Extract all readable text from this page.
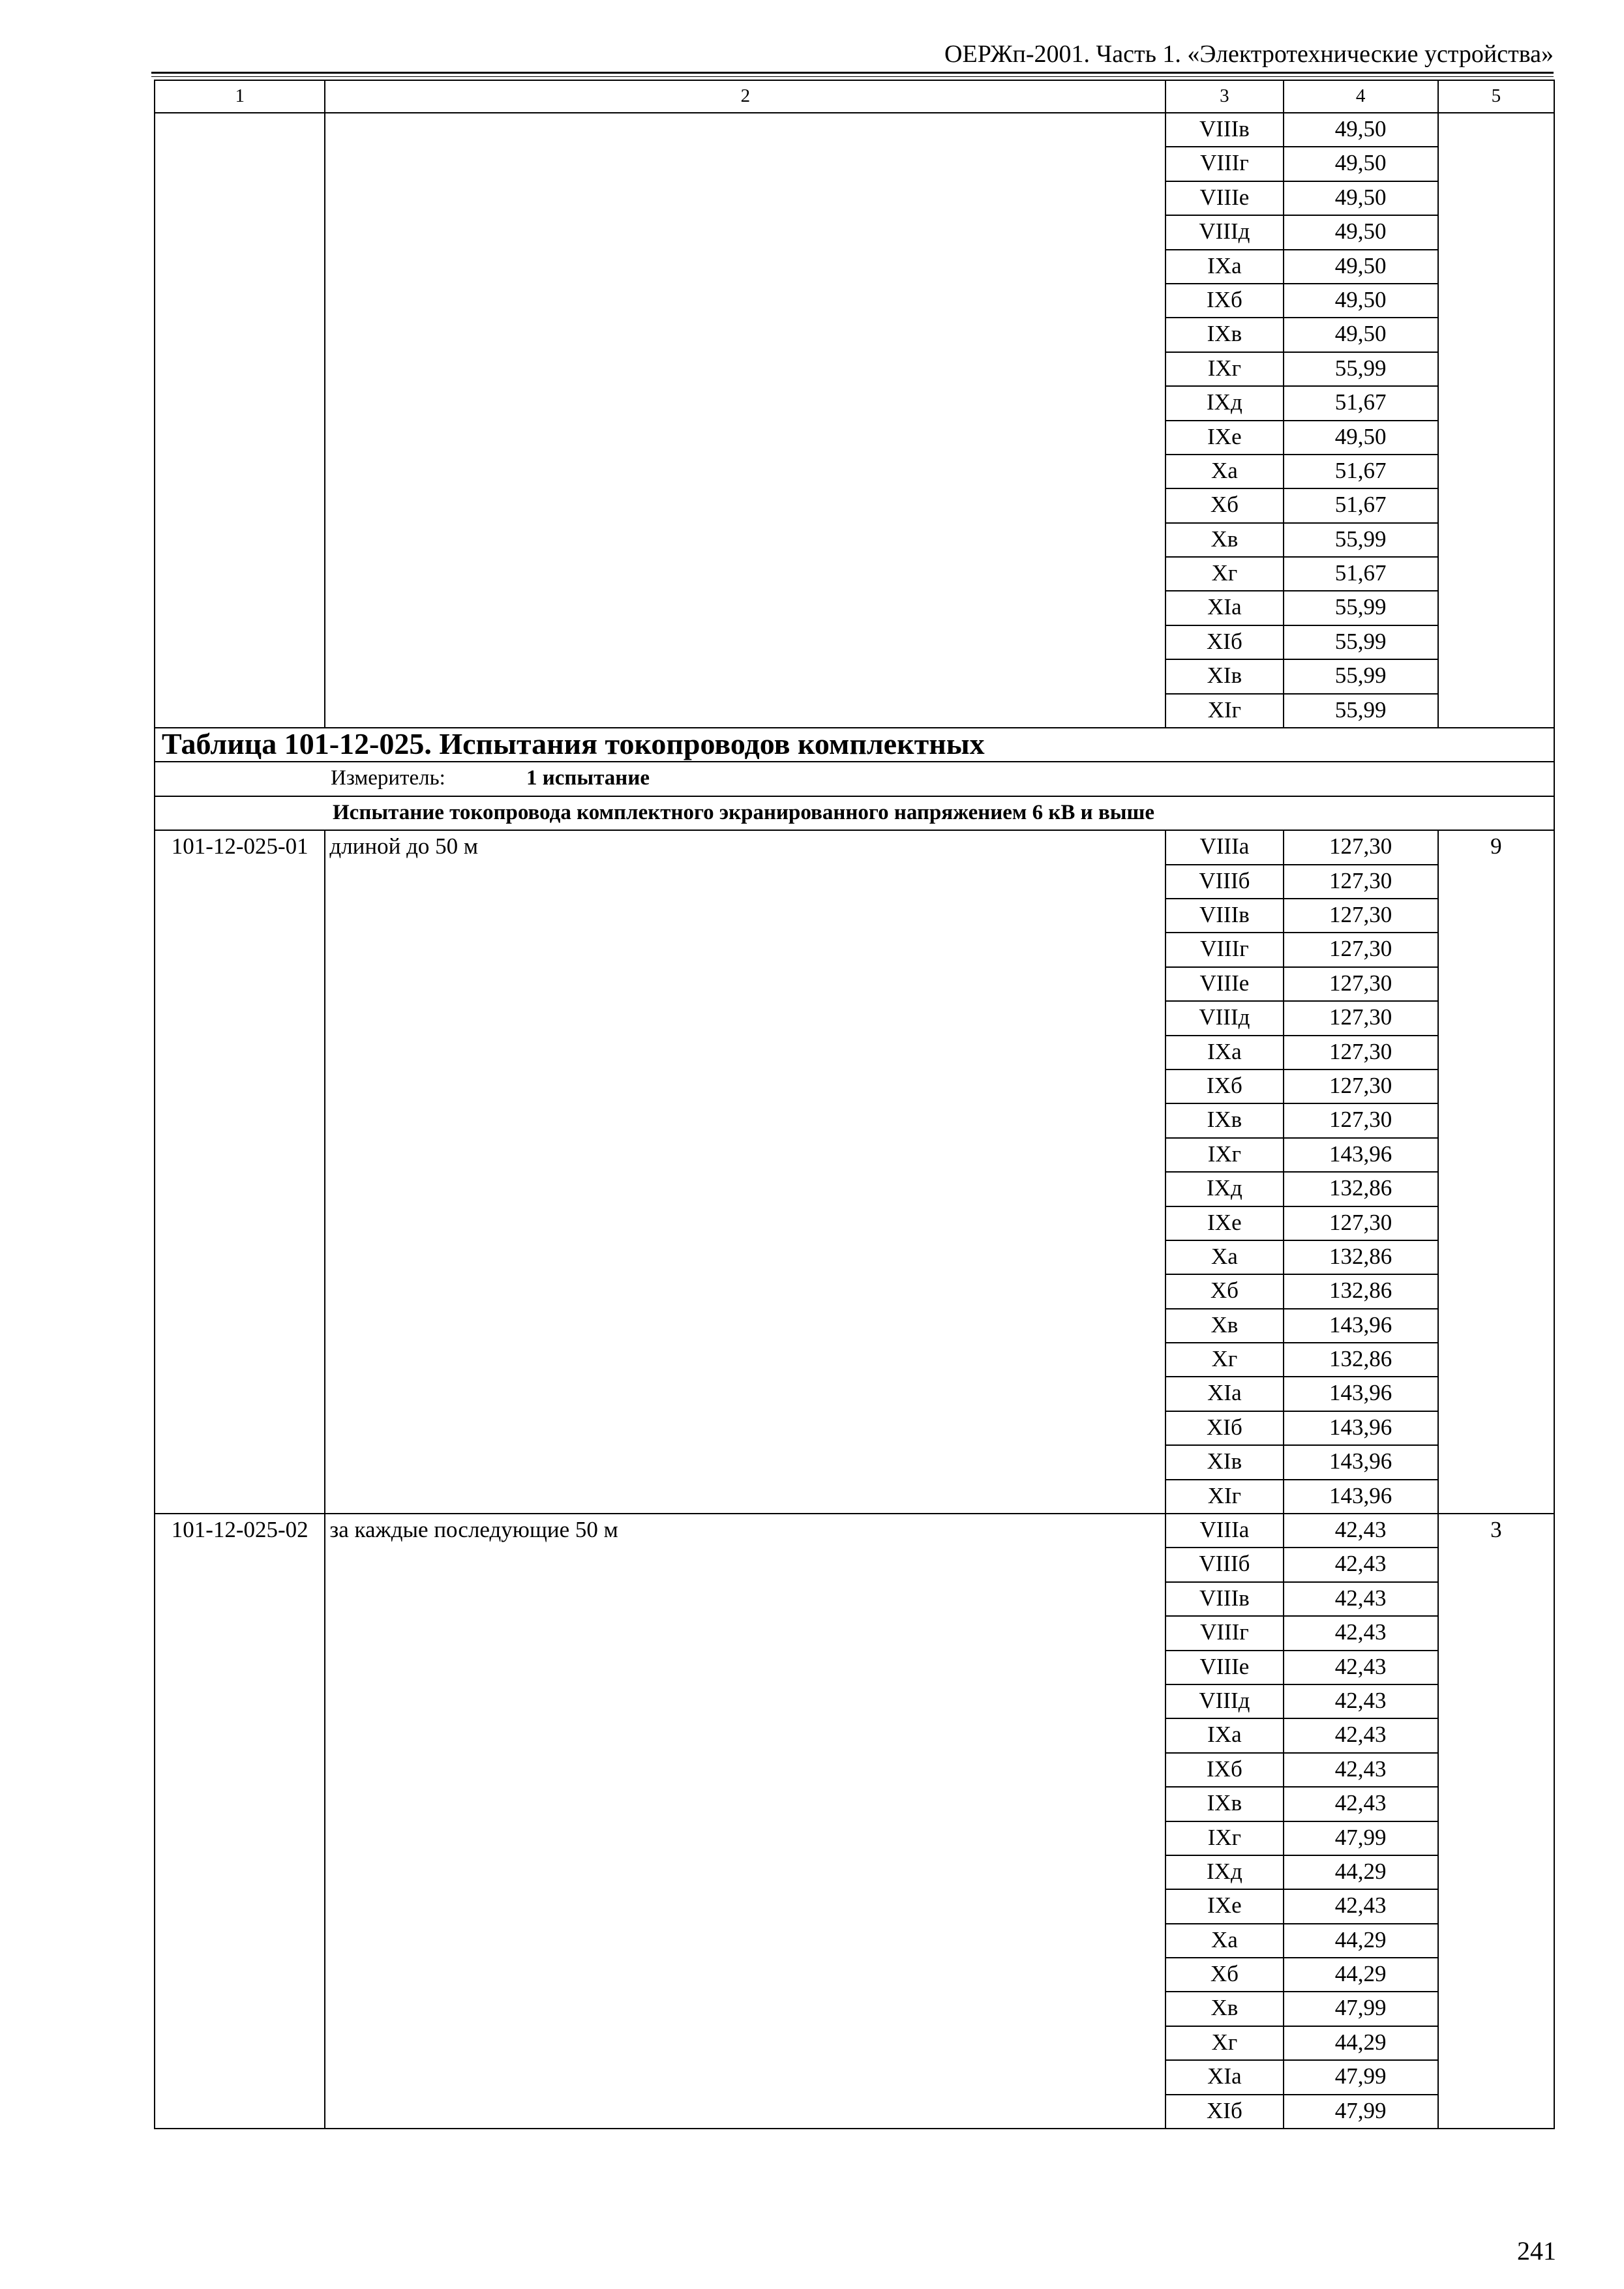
ОЕРЖп-2001. Часть 1. «Электротехнические устройства»
1	2	3	4	5
		VIIIв	49,50	
		VIIIг	49,50	
		VIIIе	49,50	
		VIIIд	49,50	
		IXа	49,50	
		IXб	49,50	
		IXв	49,50	
		IXг	55,99	
		IXд	51,67	
		IXе	49,50	
		Xа	51,67	
		Xб	51,67	
		Xв	55,99	
		Xг	51,67	
		XIа	55,99	
		XIб	55,99	
		XIв	55,99	
		XIг	55,99	
Таблица 101-12-025. Испытания токопроводов комплектных				
Измеритель: 1 испытание				
Испытание токопровода комплектного экранированного напряжением 6 кВ и выше				
101-12-025-01	длиной до 50 м	VIIIа	127,30	9
		VIIIб	127,30	
		VIIIв	127,30	
		VIIIг	127,30	
		VIIIе	127,30	
		VIIIд	127,30	
		IXа	127,30	
		IXб	127,30	
		IXв	127,30	
		IXг	143,96	
		IXд	132,86	
		IXе	127,30	
		Xа	132,86	
		Xб	132,86	
		Xв	143,96	
		Xг	132,86	
		XIа	143,96	
		XIб	143,96	
		XIв	143,96	
		XIг	143,96	
101-12-025-02	за каждые последующие 50 м	VIIIа	42,43	3
		VIIIб	42,43	
		VIIIв	42,43	
		VIIIг	42,43	
		VIIIе	42,43	
		VIIIд	42,43	
		IXа	42,43	
		IXб	42,43	
		IXв	42,43	
		IXг	47,99	
		IXд	44,29	
		IXе	42,43	
		Xа	44,29	
		Xб	44,29	
		Xв	47,99	
		Xг	44,29	
		XIа	47,99	
		XIб	47,99	
241
